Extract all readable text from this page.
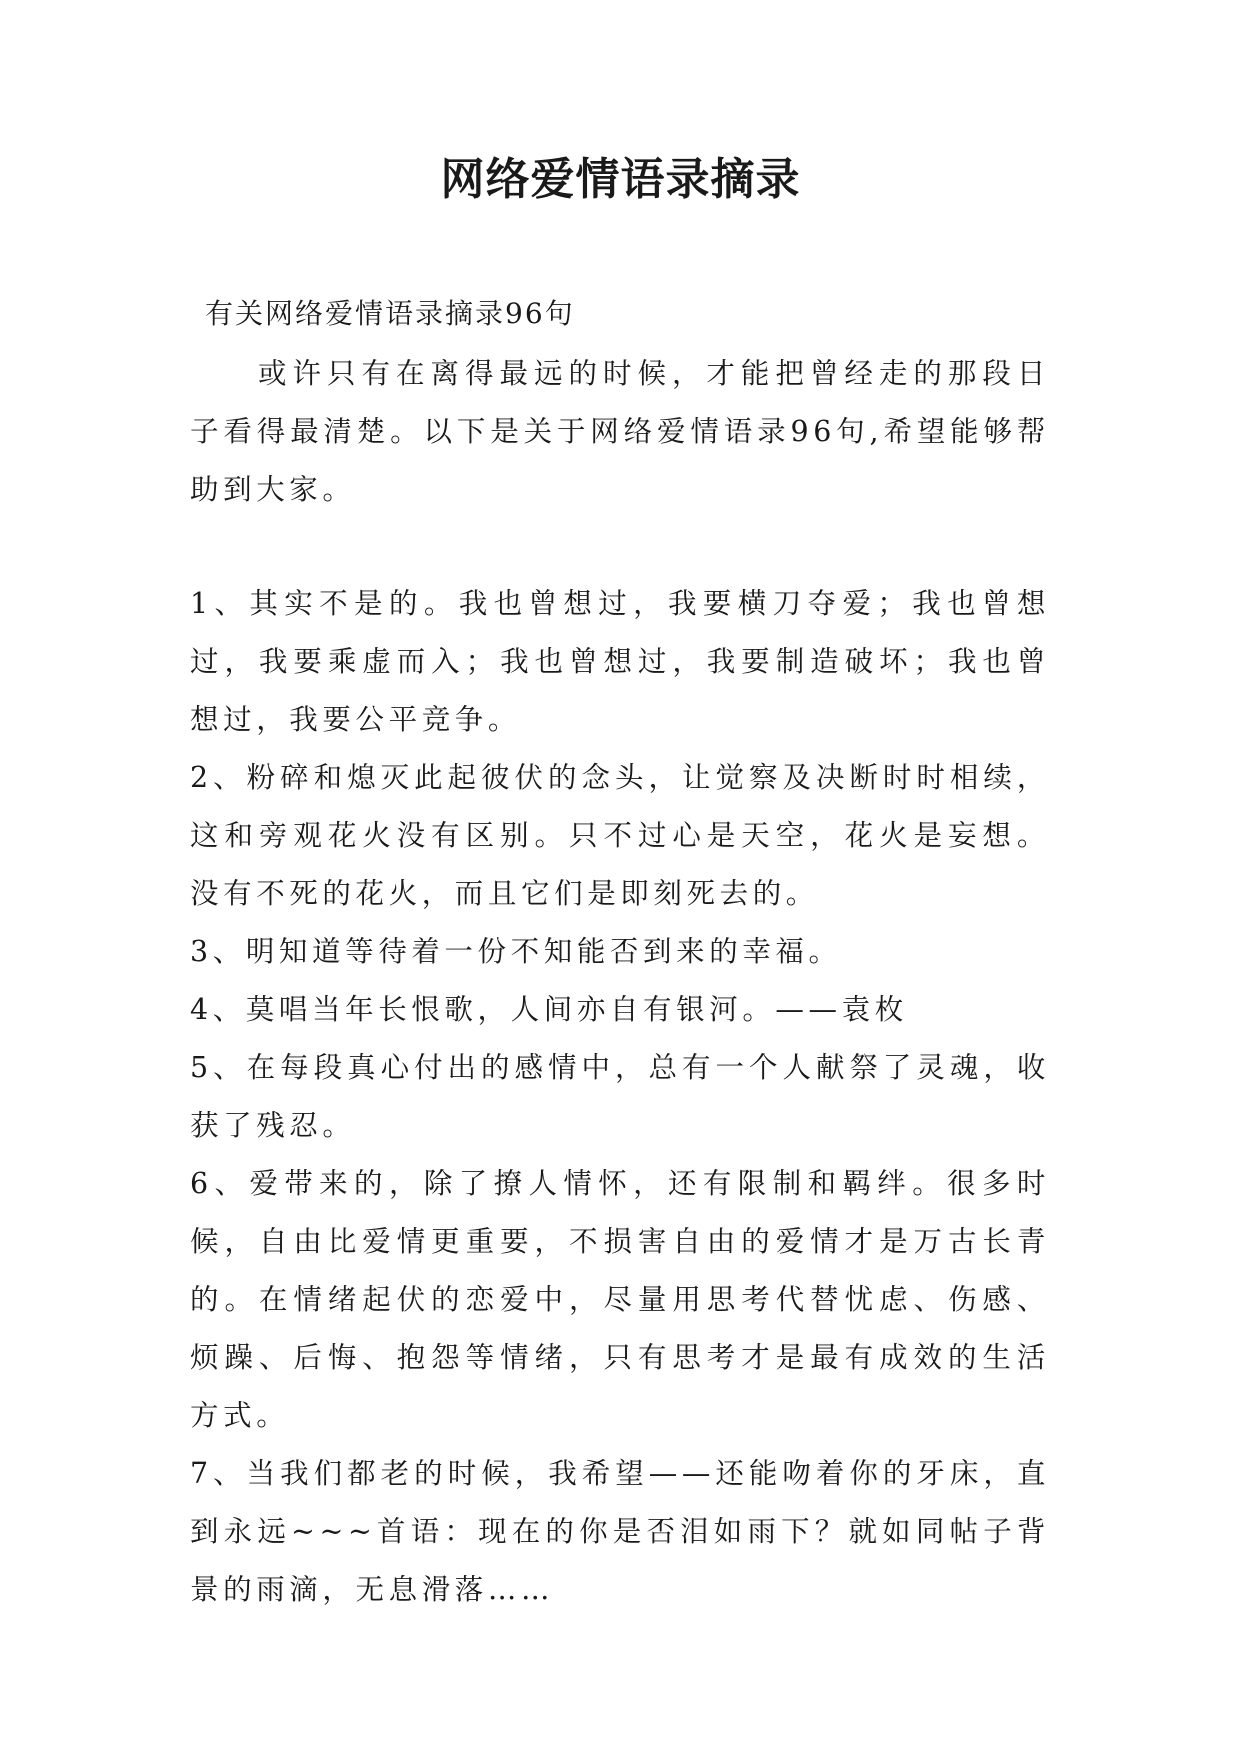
网络爱情语录摘录

有关网络爱情语录摘录96句

或许只有在离得最远的时候，才能把曾经走的那段日子看得最清楚。以下是关于网络爱情语录96句,希望能够帮助到大家。

1、其实不是的。我也曾想过，我要横刀夺爱；我也曾想过，我要乘虚而入；我也曾想过，我要制造破坏；我也曾想过，我要公平竞争。
2、粉碎和熄灭此起彼伏的念头，让觉察及决断时时相续，这和旁观花火没有区别。只不过心是天空，花火是妄想。没有不死的花火，而且它们是即刻死去的。
3、明知道等待着一份不知能否到来的幸福。
4、莫唱当年长恨歌，人间亦自有银河。——袁枚
5、在每段真心付出的感情中，总有一个人献祭了灵魂，收获了残忍。
6、爱带来的，除了撩人情怀，还有限制和羁绊。很多时候，自由比爱情更重要，不损害自由的爱情才是万古长青的。在情绪起伏的恋爱中，尽量用思考代替忧虑、伤感、烦躁、后悔、抱怨等情绪，只有思考才是最有成效的生活方式。
7、当我们都老的时候，我希望——还能吻着你的牙床，直到永远~~~首语：现在的你是否泪如雨下？就如同帖子背景的雨滴，无息滑落……
